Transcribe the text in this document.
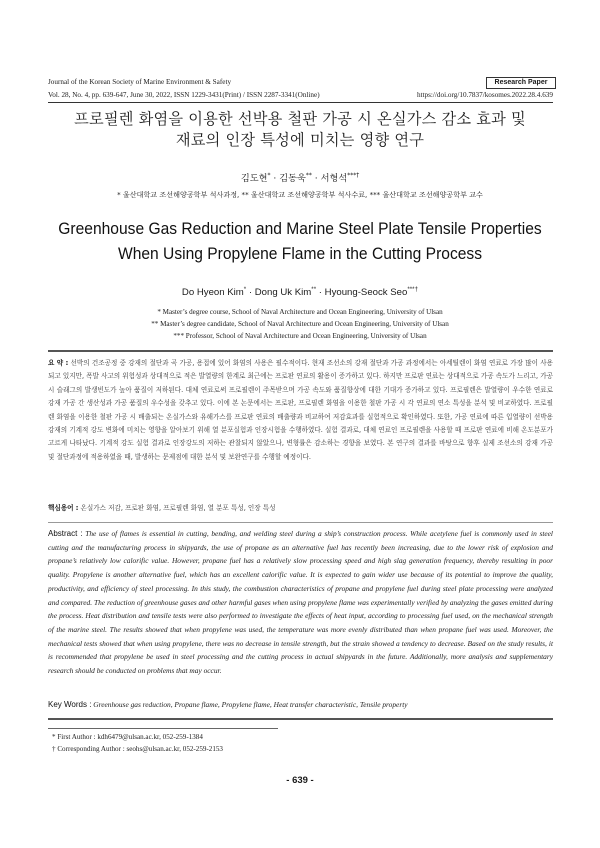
Journal of the Korean Society of Marine Environment & Safety	Research Paper
Vol. 28, No. 4, pp. 639-647, June 30, 2022, ISSN 1229-3431(Print) / ISSN 2287-3341(Online)	https://doi.org/10.7837/kosomes.2022.28.4.639
프로필렌 화염을 이용한 선박용 철판 가공 시 온실가스 감소 효과 및
재료의 인장 특성에 미치는 영향 연구
김도현* · 김동욱** · 서형석***†
* 울산대학교 조선해양공학부 석사과정, ** 울산대학교 조선해양공학부 석사수료, *** 울산대학교 조선해양공학부 교수
Greenhouse Gas Reduction and Marine Steel Plate Tensile Properties
When Using Propylene Flame in the Cutting Process
Do Hyeon Kim* · Dong Uk Kim** · Hyoung-Seock Seo***†
* Master’s degree course, School of Naval Architecture and Ocean Engineering, University of Ulsan
** Master’s degree candidate, School of Naval Architecture and Ocean Engineering, University of Ulsan
*** Professor, School of Naval Architecture and Ocean Engineering, University of Ulsan
요 약 : 선박의 건조공정 중 강재의 절단과 곡 가공, 용접에 있어 화염의 사용은 필수적이다. 현재 조선소의 강재 절단과 가공 과정에서는 아세틸렌이 화염 연료로 가장 많이 사용되고 있지만, 폭발 사고의 위험성과 상대적으로 적은 발열량의 한계로 최근에는 프로판 연료의 활용이 증가하고 있다. 하지만 프로판 연료는 상대적으로 가공 속도가 느리고, 가공 시 슬래그의 발생빈도가 높아 품질이 저하된다. 대체 연료로써 프로필렌이 주목받으며 가공 속도와 품질향상에 대한 기대가 증가하고 있다. 프로필렌은 발열량이 우수한 연료로 강재 가공 간 생산성과 가공 품질의 우수성을 갖추고 있다. 이에 본 논문에서는 프로판, 프로필렌 화염을 이용한 철판 가공 시 각 연료의 연소 특성을 분석 및 비교하였다. 프로필렌 화염을 이용한 철판 가공 시 배출되는 온실가스와 유해가스를 프로판 연료의 배출량과 비교하여 저감효과를 실험적으로 확인하였다. 또한, 가공 연료에 따른 입열량이 선박용 강재의 기계적 강도 변화에 미치는 영향을 알아보기 위해 열 분포실험과 인장시험을 수행하였다. 실험 결과로, 대체 연료인 프로필렌을 사용할 때 프로판 연료에 비해 온도분포가 고르게 나타났다. 기계적 강도 실험 결과로 인장강도의 저하는 관찰되지 않았으나, 변형률은 감소하는 경향을 보였다. 본 연구의 결과를 바탕으로 향후 실제 조선소의 강재 가공 및 절단과정에 적용하였을 때, 발생하는 문제점에 대한 분석 및 보완연구를 수행할 예정이다.
핵심용어 : 온실가스 저감, 프로판 화염, 프로필렌 화염, 열 분포 특성, 인장 특성
Abstract : The use of flames is essential in cutting, bending, and welding steel during a ship’s construction process. While acetylene fuel is commonly used in steel cutting and the manufacturing process in shipyards, the use of propane as an alternative fuel has recently been increasing, due to the lower risk of explosion and propane’s relatively low calorific value. However, propane fuel has a relatively slow processing speed and high slag generation frequency, thereby resulting in poor quality. Propylene is another alternative fuel, which has an excellent calorific value. It is expected to gain wider use because of its potential to improve the quality, productivity, and efficiency of steel processing. In this study, the combustion characteristics of propane and propylene fuel during steel plate processing were analyzed and compared. The reduction of greenhouse gases and other harmful gases when using propylene flame was experimentally verified by analyzing the gases emitted during the process. Heat distribution and tensile tests were also performed to investigate the effects of heat input, according to processing fuel used, on the mechanical strength of the marine steel. The results showed that when propylene was used, the temperature was more evenly distributed than when propane fuel was used. Moreover, the mechanical tests showed that when using propylene, there was no decrease in tensile strength, but the strain showed a tendency to decrease. Based on the study results, it is recommended that propylene be used in steel processing and the cutting process in actual shipyards in the future. Additionally, more analysis and supplementary research should be conducted on problems that may occur.
Key Words : Greenhouse gas reduction, Propane flame, Propylene flame, Heat transfer characteristic, Tensile property
* First Author : kdh6479@ulsan.ac.kr, 052-259-1384
† Corresponding Author : seohs@ulsan.ac.kr, 052-259-2153
- 639 -
